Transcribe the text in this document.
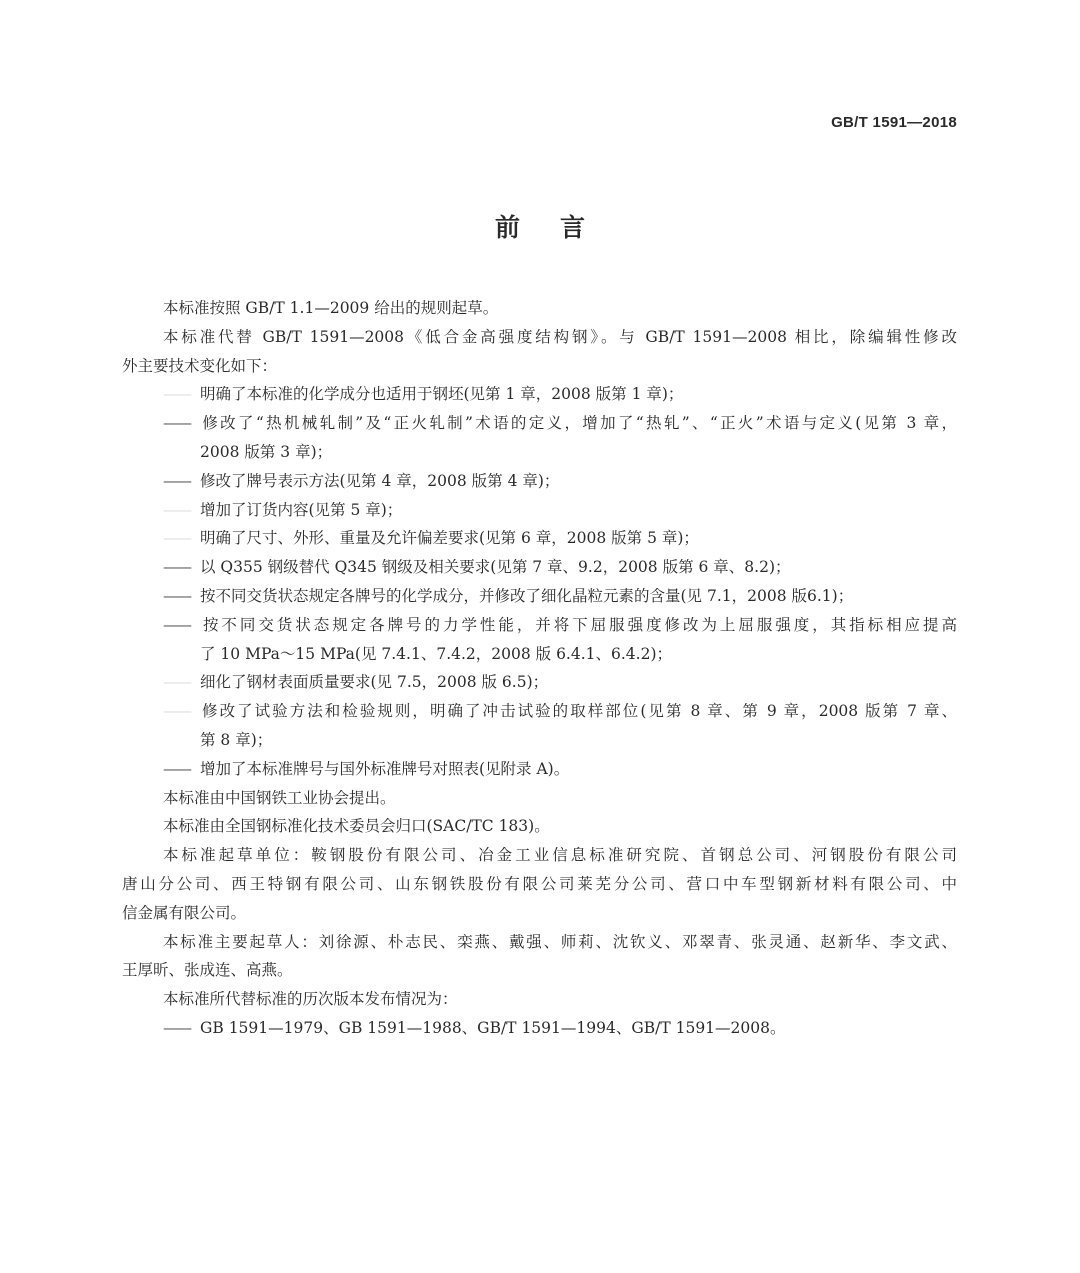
GB/T 1591—2018
前 言
本标准按照 GB/T 1.1—2009 给出的规则起草。
本标准代替 GB/T 1591—2008《低合金高强度结构钢》。与 GB/T 1591—2008 相比，除编辑性修改
外主要技术变化如下：
—— 明确了本标准的化学成分也适用于钢坯(见第 1 章，2008 版第 1 章)；
—— 修改了“热机械轧制”及“正火轧制”术语的定义，增加了“热轧”、“正火”术语与定义(见第 3 章，
2008 版第 3 章)；
—— 修改了牌号表示方法(见第 4 章，2008 版第 4 章)；
—— 增加了订货内容(见第 5 章)；
—— 明确了尺寸、外形、重量及允许偏差要求(见第 6 章，2008 版第 5 章)；
—— 以 Q355 钢级替代 Q345 钢级及相关要求(见第 7 章、9.2，2008 版第 6 章、8.2)；
—— 按不同交货状态规定各牌号的化学成分，并修改了细化晶粒元素的含量(见 7.1，2008 版6.1)；
—— 按不同交货状态规定各牌号的力学性能，并将下屈服强度修改为上屈服强度，其指标相应提高
了 10 MPa～15 MPa(见 7.4.1、7.4.2，2008 版 6.4.1、6.4.2)；
—— 细化了钢材表面质量要求(见 7.5，2008 版 6.5)；
—— 修改了试验方法和检验规则，明确了冲击试验的取样部位(见第 8 章、第 9 章，2008 版第 7 章、
第 8 章)；
—— 增加了本标准牌号与国外标准牌号对照表(见附录 A)。
本标准由中国钢铁工业协会提出。
本标准由全国钢标准化技术委员会归口(SAC/TC 183)。
本标准起草单位：鞍钢股份有限公司、冶金工业信息标准研究院、首钢总公司、河钢股份有限公司
唐山分公司、西王特钢有限公司、山东钢铁股份有限公司莱芜分公司、营口中车型钢新材料有限公司、中
信金属有限公司。
本标准主要起草人：刘徐源、朴志民、栾燕、戴强、师莉、沈钦义、邓翠青、张灵通、赵新华、李文武、
王厚昕、张成连、高燕。
本标准所代替标准的历次版本发布情况为：
—— GB 1591—1979、GB 1591—1988、GB/T 1591—1994、GB/T 1591—2008。
